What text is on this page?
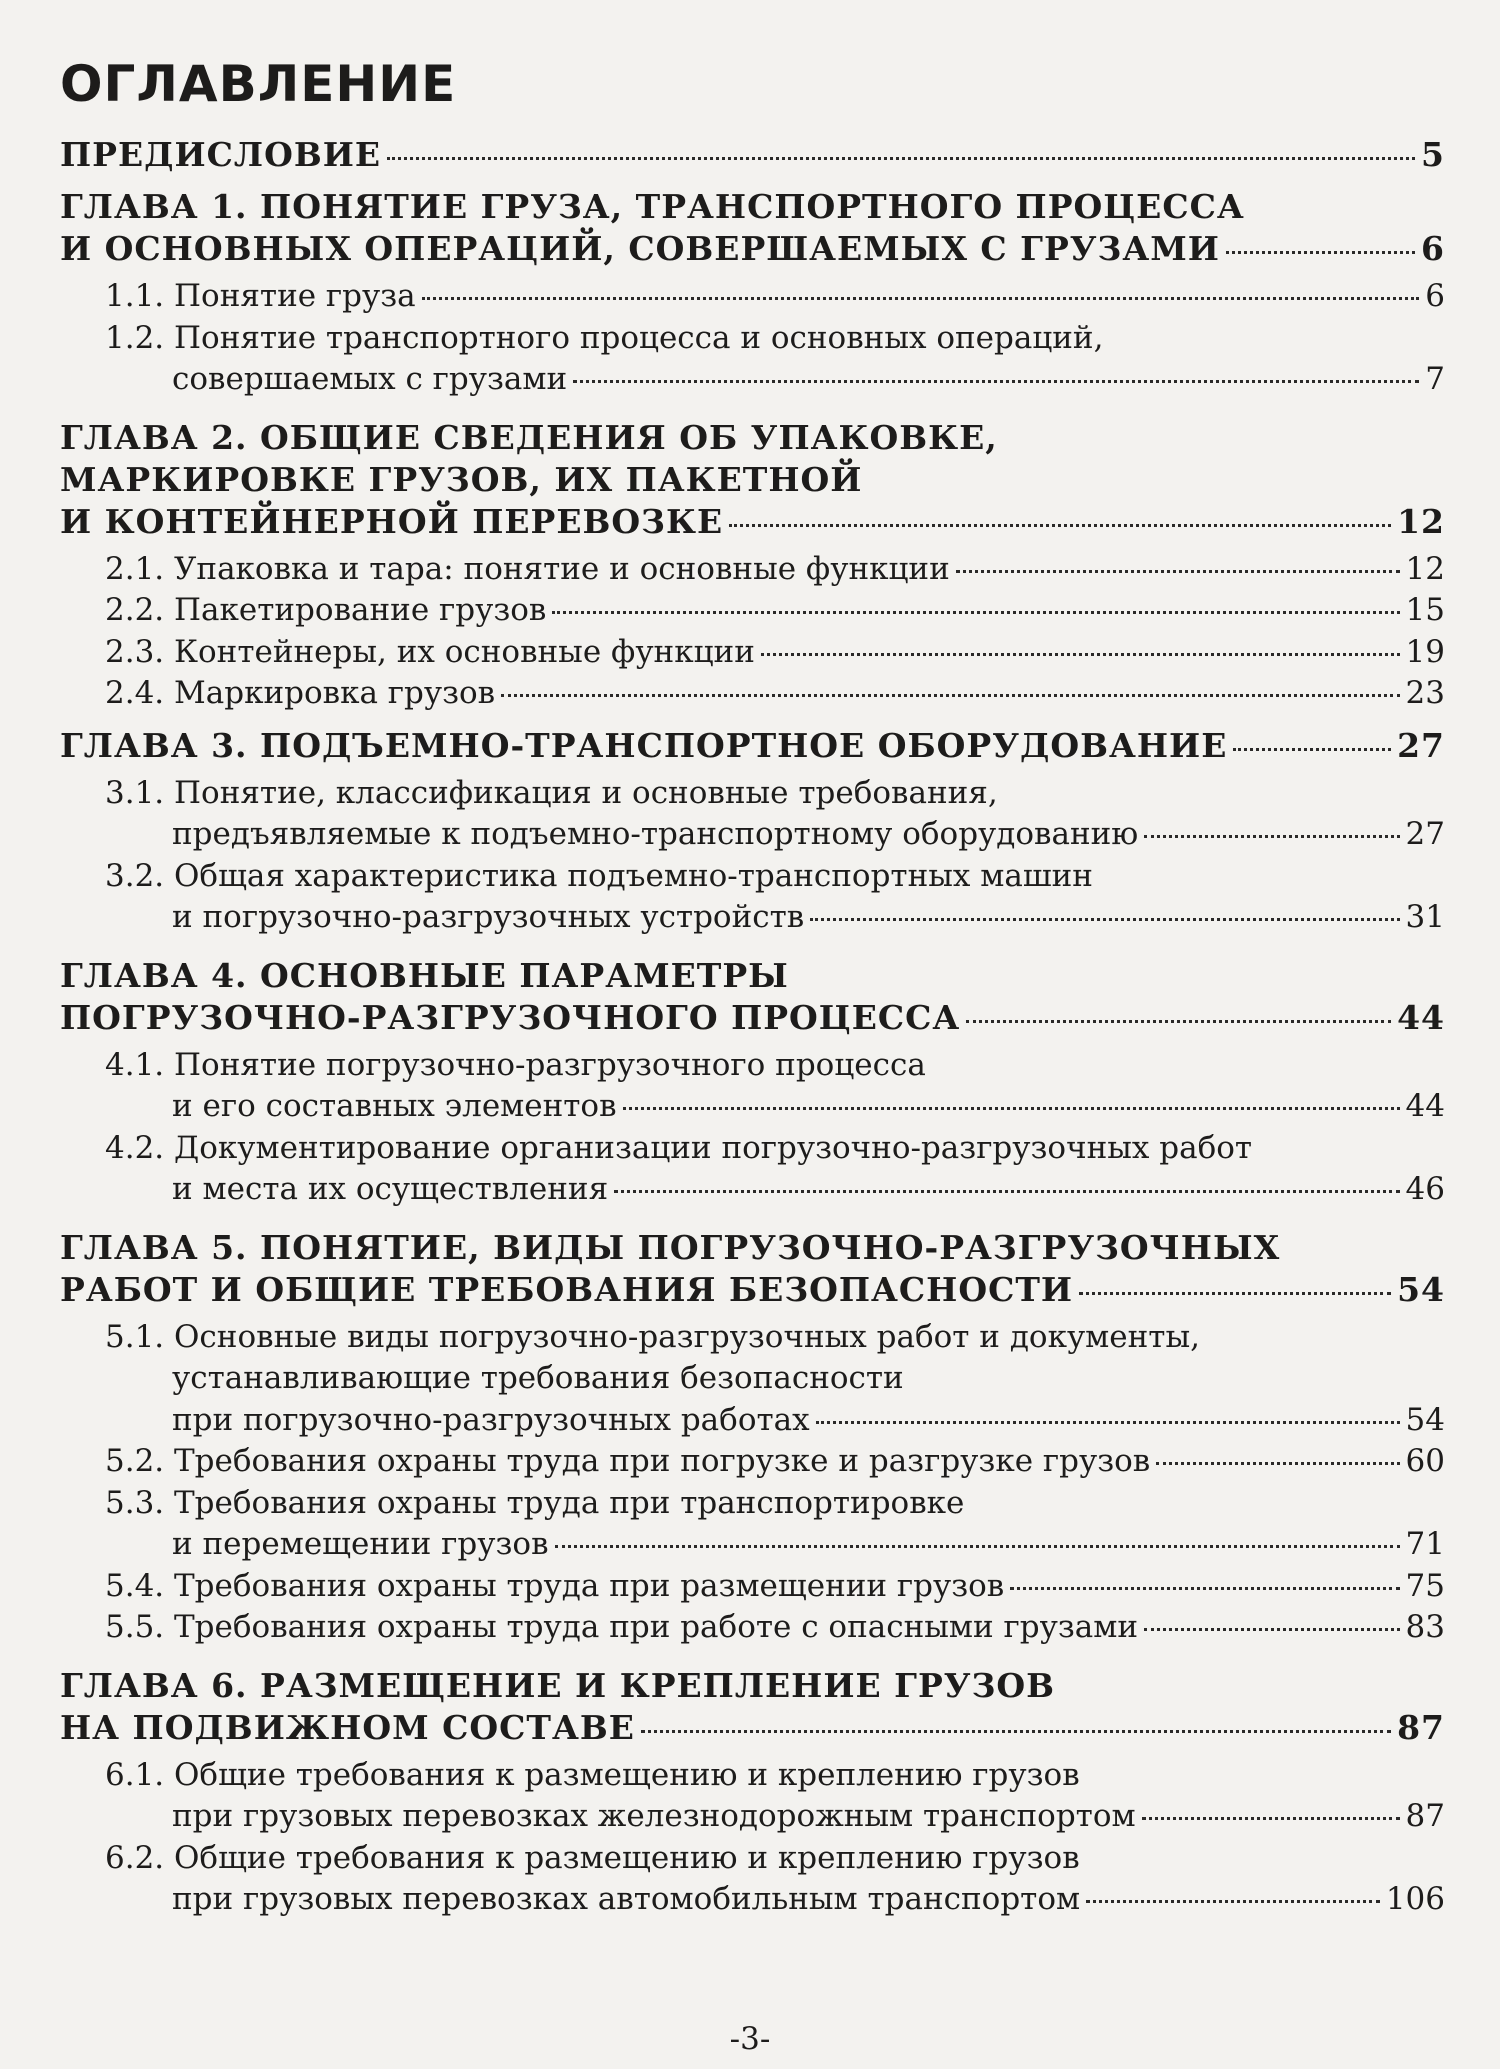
ОГЛАВЛЕНИЕ
ПРЕДИСЛОВИЕ	5
ГЛАВА 1. ПОНЯТИЕ ГРУЗА, ТРАНСПОРТНОГО ПРОЦЕССА
И ОСНОВНЫХ ОПЕРАЦИЙ, СОВЕРШАЕМЫХ С ГРУЗАМИ	6
1.1. Понятие груза	6
1.2. Понятие транспортного процесса и основных операций,
совершаемых с грузами	7
ГЛАВА 2. ОБЩИЕ СВЕДЕНИЯ ОБ УПАКОВКЕ,
МАРКИРОВКЕ ГРУЗОВ, ИХ ПАКЕТНОЙ
И КОНТЕЙНЕРНОЙ ПЕРЕВОЗКЕ	12
2.1. Упаковка и тара: понятие и основные функции	12
2.2. Пакетирование грузов	15
2.3. Контейнеры, их основные функции	19
2.4. Маркировка грузов	23
ГЛАВА 3. ПОДЪЕМНО-ТРАНСПОРТНОЕ ОБОРУДОВАНИЕ	27
3.1. Понятие, классификация и основные требования,
предъявляемые к подъемно-транспортному оборудованию	27
3.2. Общая характеристика подъемно-транспортных машин
и погрузочно-разгрузочных устройств	31
ГЛАВА 4. ОСНОВНЫЕ ПАРАМЕТРЫ
ПОГРУЗОЧНО-РАЗГРУЗОЧНОГО ПРОЦЕССА	44
4.1. Понятие погрузочно-разгрузочного процесса
и его составных элементов	44
4.2. Документирование организации погрузочно-разгрузочных работ
и места их осуществления	46
ГЛАВА 5. ПОНЯТИЕ, ВИДЫ ПОГРУЗОЧНО-РАЗГРУЗОЧНЫХ
РАБОТ И ОБЩИЕ ТРЕБОВАНИЯ БЕЗОПАСНОСТИ	54
5.1. Основные виды погрузочно-разгрузочных работ и документы,
устанавливающие требования безопасности
при погрузочно-разгрузочных работах	54
5.2. Требования охраны труда при погрузке и разгрузке грузов	60
5.3. Требования охраны труда при транспортировке
и перемещении грузов	71
5.4. Требования охраны труда при размещении грузов	75
5.5. Требования охраны труда при работе с опасными грузами	83
ГЛАВА 6. РАЗМЕЩЕНИЕ И КРЕПЛЕНИЕ ГРУЗОВ
НА ПОДВИЖНОМ СОСТАВЕ	87
6.1. Общие требования к размещению и креплению грузов
при грузовых перевозках железнодорожным транспортом	87
6.2. Общие требования к размещению и креплению грузов
при грузовых перевозках автомобильным транспортом	106
-3-
